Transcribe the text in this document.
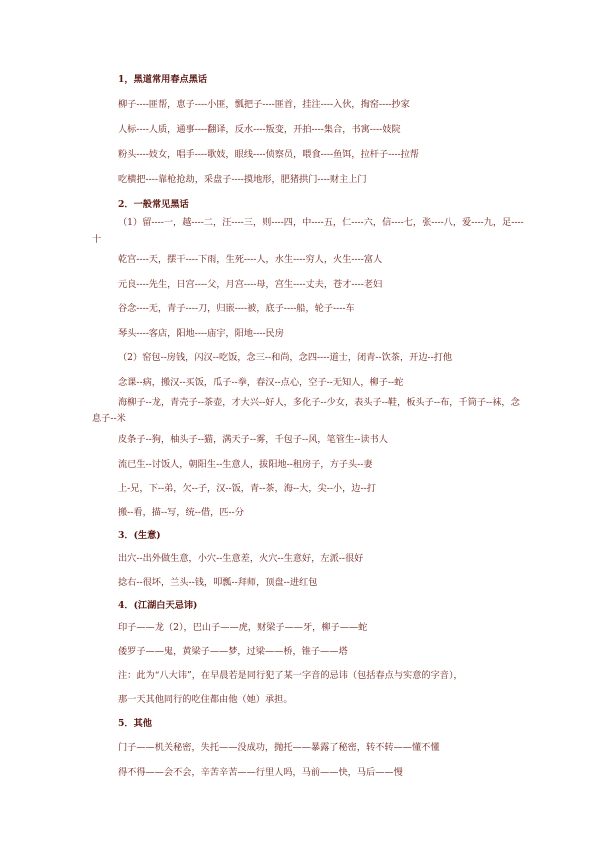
1，黑道常用春点黑话
柳子----匪帮，恵子----小匪，瓢把子----匪首，挂注----入伙，掏窑----抄家
人标----人质，通事----翻译，反水----叛变，开拍----集合，书寓----妓院
粉头----妓女，唱手----歌妓，眼线----侦察员，喂食----鱼饵，拉杆子----拉帮
吃横把----靠枪抢劫，采盘子----摸地形，肥猪拱门----财主上门
2．一般常见黑话
（1）留----一，越----二，汪----三，则----四，中----五，仁----六，信----七，张----八，爱----九，足----
十
乾宫----天，摆干----下雨，生死----人，水生----穷人，火生----富人
元良----先生，日宫----父，月宫----母，宫生----丈夫，苍才----老妇
谷念----无，青子----刀，归嵌----被，底子----船，轮子----车
琴头----客店，阳地----庙宇，阳地----民房
（2）窑包--房钱，闪汉--吃饭，念三--和尚，念四----道士，闭青--饮茶，开边--打他
念课--病，搬汉--买饭，瓜子--拳，春汉--点心，空子--无知人，柳子--蛇
海柳子--龙，青壳子--茶壶，才大兴--好人，多化子--少女，表头子--鞋，板头子--布，千筒子--袜，念
息子--米
皮条子--狗，柚头子--猫，满天子--雾，千包子--风，笔管生--读书人
流已生--讨饭人，朝阳生--生意人，拔阳地--租房子，方子头--妻
上-兄，下--弟，欠--子，汉--饭，青--茶，海--大，尖--小，边--打
搬--看，描--写，统--借，匹--分
3．(生意)
出穴--出外做生意，小穴--生意差，火穴--生意好，左派--很好
捻右--很坏，兰头--钱，叩瓢--拜师，顶盘--进红包
4．(江湖白天忌讳)
印子——龙（2），巴山子——虎，财梁子——牙，柳子——蛇
倭罗子——鬼，黄梁子——梦，过梁——桥，锥子——塔
注：此为“八大讳”，在早晨若是同行犯了某一字音的忌讳（包括春点与实意的字音），
那一天其他同行的吃住都由他（她）承担。
5．其他
门子——机关秘密，失托——没成功，抛托——暴露了秘密，转不转——懂不懂
得不得——会不会，辛苦辛苦——行里人吗，马前——快，马后——慢
